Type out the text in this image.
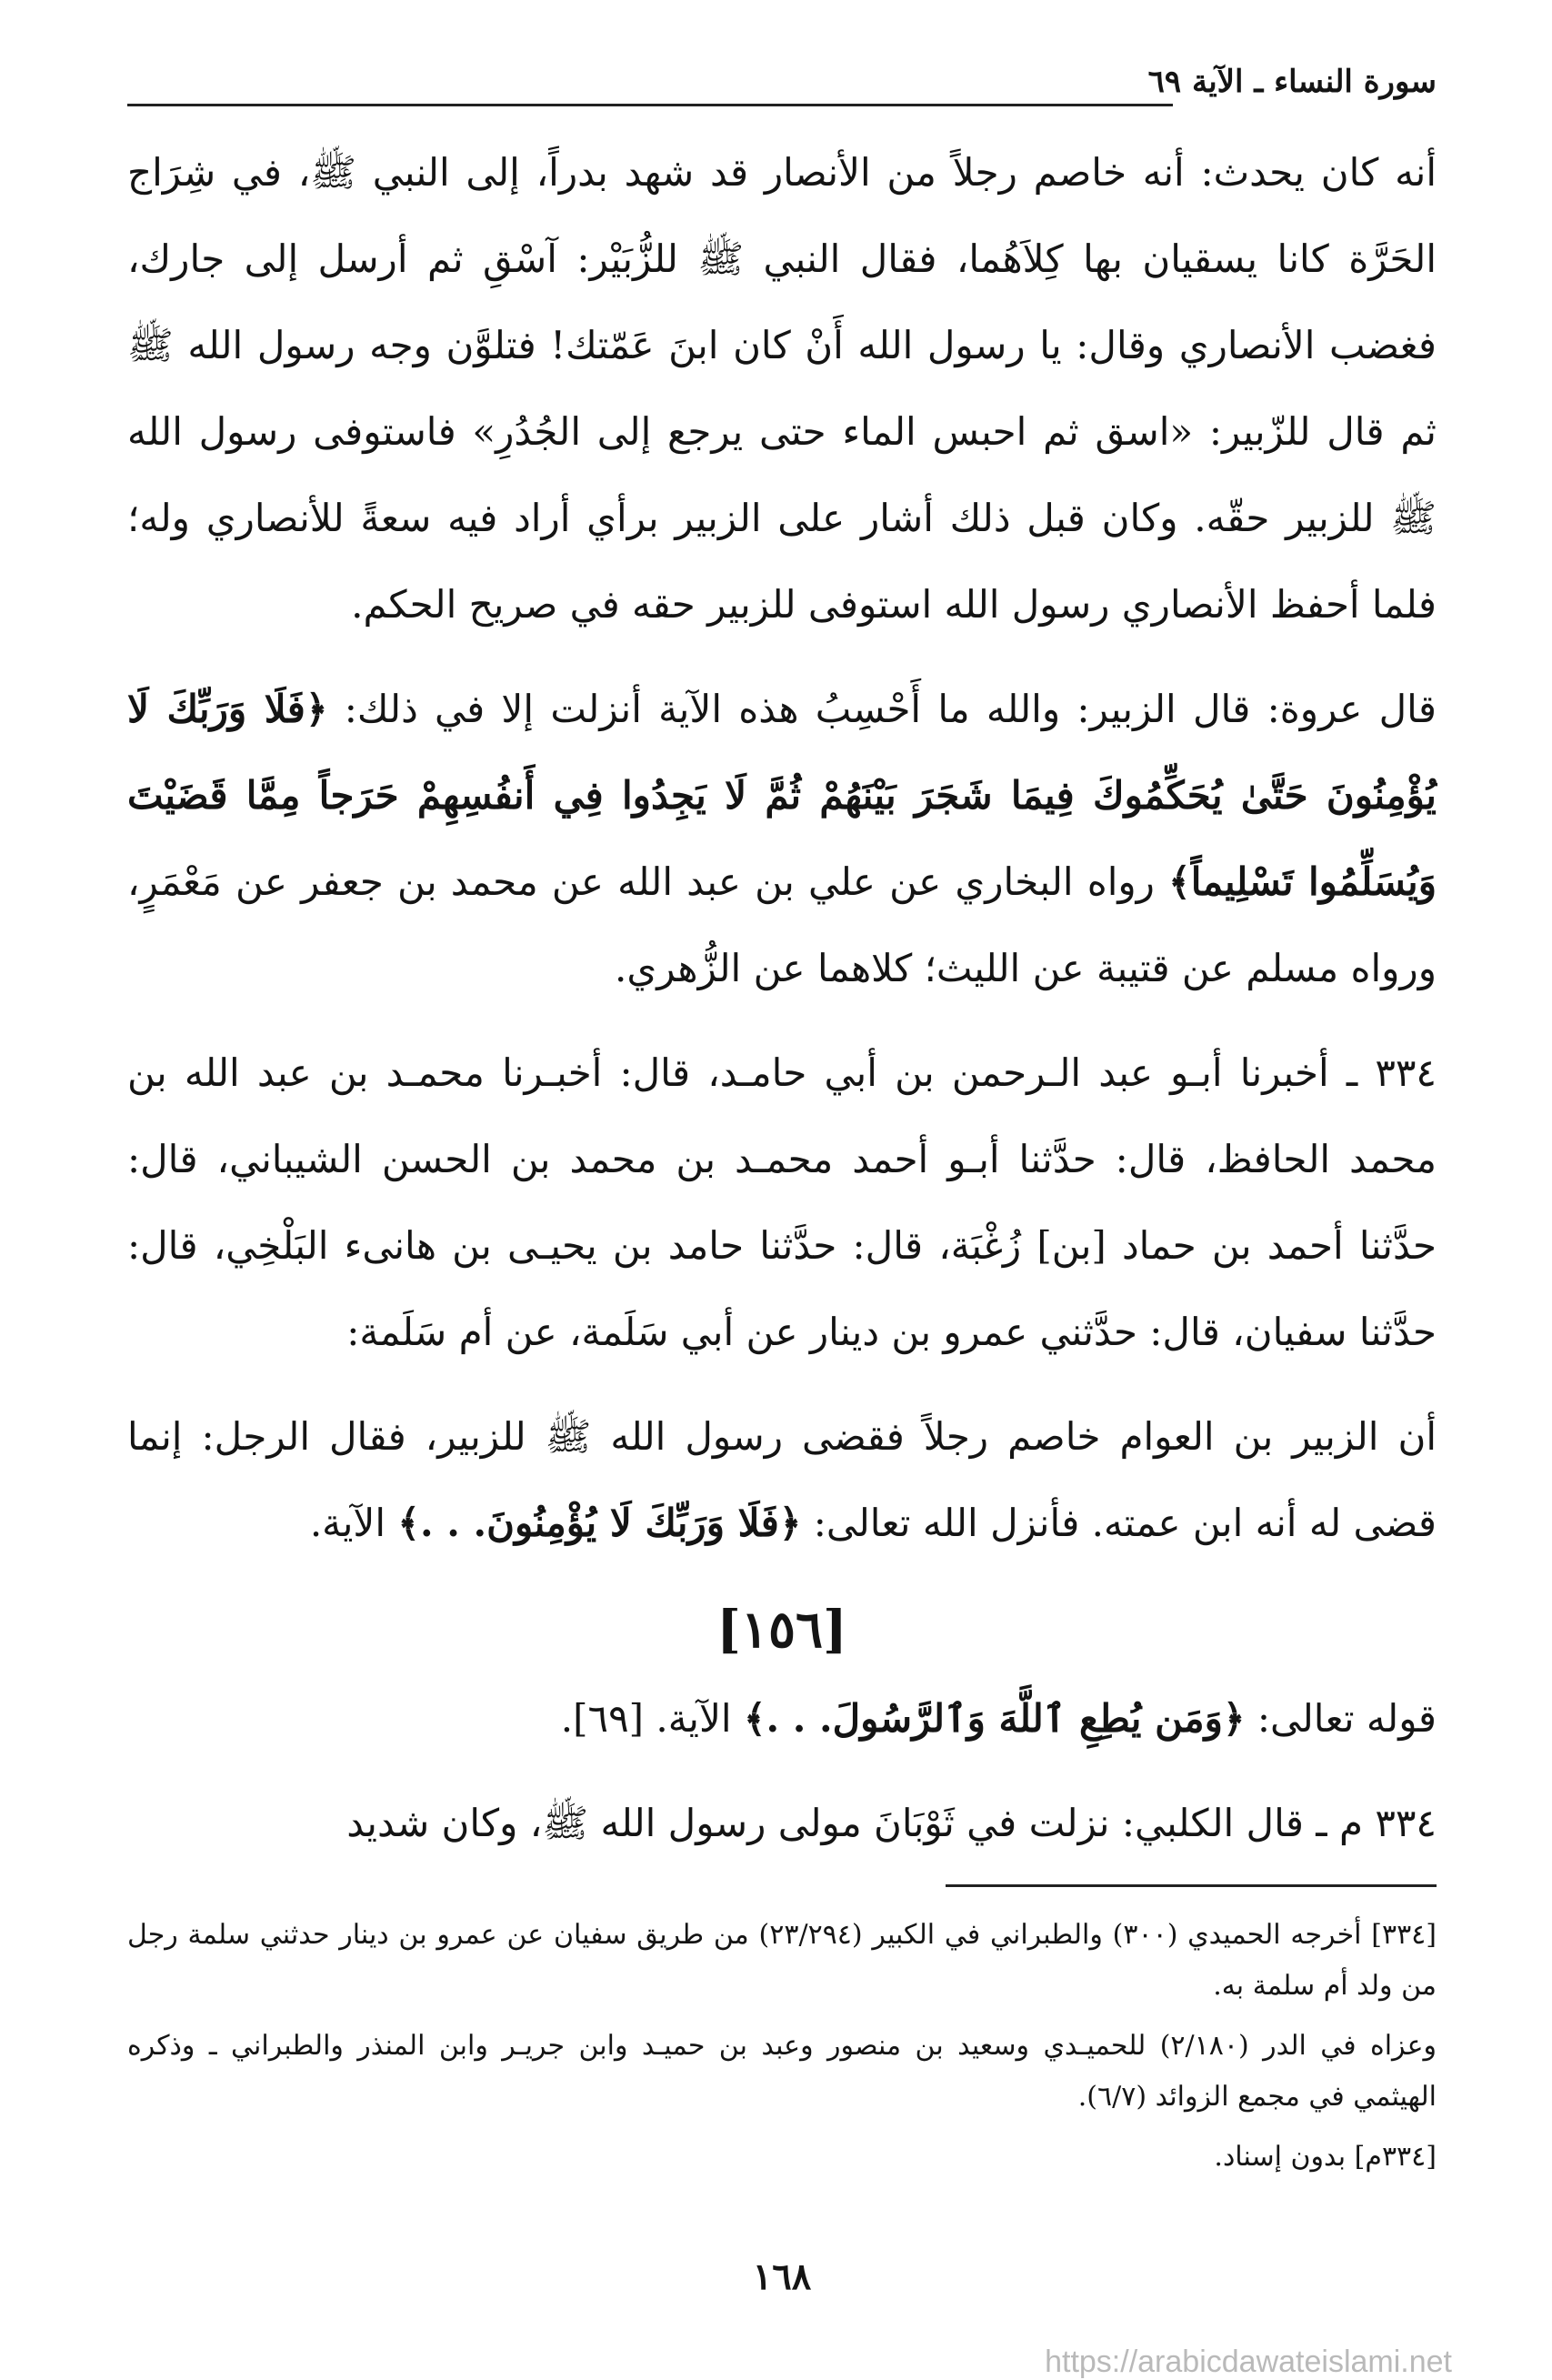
سورة النساء ـ الآية ٦٩

أنه كان يحدث: أنه خاصم رجلاً من الأنصار قد شهد بدراً، إلى النبي ﷺ، في شِرَاج الحَرَّة كانا يسقيان بها كِلاَهُما، فقال النبي ﷺ للزُّبَيْر: آسْقِ ثم أرسل إلى جارك، فغضب الأنصاري وقال: يا رسول الله أَنْ كان ابنَ عَمّتك! فتلوَّن وجه رسول الله ﷺ ثم قال للزّبير: «اسق ثم احبس الماء حتى يرجع إلى الجُدُرِ» فاستوفى رسول الله ﷺ للزبير حقّه. وكان قبل ذلك أشار على الزبير برأي أراد فيه سعةً للأنصاري وله؛ فلما أحفظ الأنصاري رسول الله استوفى للزبير حقه في صريح الحكم.

قال عروة: قال الزبير: والله ما أَحْسِبُ هذه الآية أنزلت إلا في ذلك: ﴿فَلَا وَرَبِّكَ لَا يُؤْمِنُونَ حَتَّىٰ يُحَكِّمُوكَ فِيمَا شَجَرَ بَيْنَهُمْ ثُمَّ لَا يَجِدُوا فِي أَنفُسِهِمْ حَرَجاً مِمَّا قَضَيْتَ وَيُسَلِّمُوا تَسْلِيماً﴾ رواه البخاري عن علي بن عبد الله عن محمد بن جعفر عن مَعْمَرٍ، ورواه مسلم عن قتيبة عن الليث؛ كلاهما عن الزُّهري.

٣٣٤ ـ أخبرنا أبـو عبد الـرحمن بن أبي حامـد، قال: أخبـرنا محمـد بن عبد الله بن محمد الحافظ، قال: حدَّثنا أبـو أحمد محمـد بن محمد بن الحسن الشيباني، قال: حدَّثنا أحمد بن حماد [بن] زُغْبَة، قال: حدَّثنا حامد بن يحيـى بن هانىء البَلْخِي، قال: حدَّثنا سفيان، قال: حدَّثني عمرو بن دينار عن أبي سَلَمة، عن أم سَلَمة:

أن الزبير بن العوام خاصم رجلاً فقضى رسول الله ﷺ للزبير، فقال الرجل: إنما قضى له أنه ابن عمته. فأنزل الله تعالى: ﴿فَلَا وَرَبِّكَ لَا يُؤْمِنُونَ. . .﴾ الآية.

[١٥٦]

قوله تعالى: ﴿وَمَن يُطِعِ ٱللَّهَ وَٱلرَّسُولَ. . .﴾ الآية. [٦٩].

٣٣٤ م ـ قال الكلبي: نزلت في ثَوْبَانَ مولى رسول الله ﷺ، وكان شديد

[٣٣٤] أخرجه الحميدي (٣٠٠) والطبراني في الكبير (٢٣/٢٩٤) من طريق سفيان عن عمرو بن دينار حدثني سلمة رجل من ولد أم سلمة به.

وعزاه في الدر (٢/١٨٠) للحميـدي وسعيد بن منصور وعبد بن حميـد وابن جريـر وابن المنذر والطبراني ـ وذكره الهيثمي في مجمع الزوائد (٦/٧).

[٣٣٤م] بدون إسناد.

١٦٨
https://arabicdawateislami.net
